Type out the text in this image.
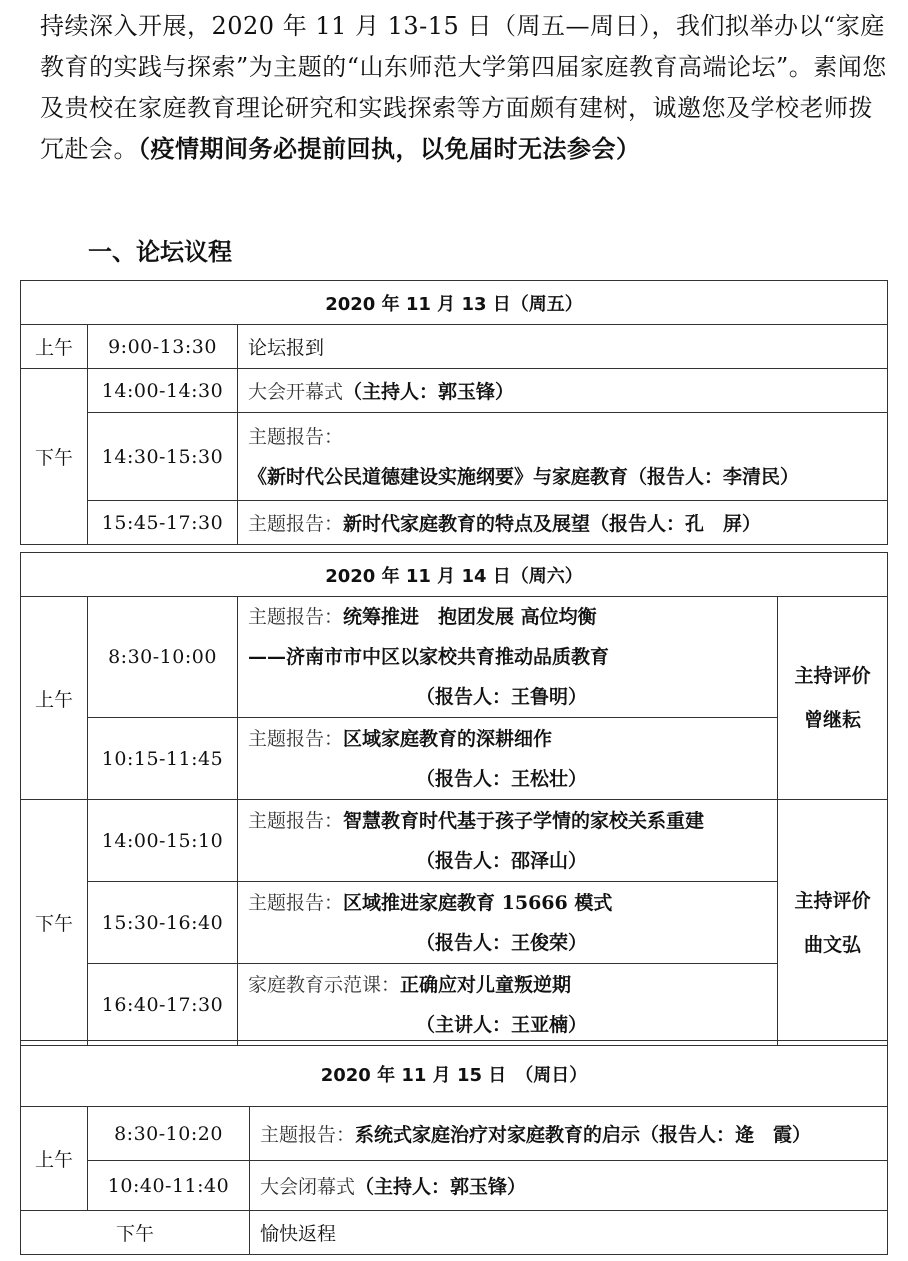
持续深入开展，2020 年 11 月 13-15 日（周五—周日），我们拟举办以“家庭教育的实践与探索”为主题的“山东师范大学第四届家庭教育高端论坛”。素闻您及贵校在家庭教育理论研究和实践探索等方面颇有建树，诚邀您及学校老师拨冗赴会。（疫情期间务必提前回执，以免届时无法参会）
一、论坛议程
2020 年 11 月 13 日（周五）		
上午	9:00-13:30	论坛报到
下午	14:00-14:30	大会开幕式（主持人：郭玉锋）
	14:30-15:30	主题报告：《新时代公民道德建设实施纲要》与家庭教育（报告人：李清民）
	15:45-17:30	主题报告：新时代家庭教育的特点及展望（报告人：孔　屏）
2020 年 11 月 14 日（周六）			
上午	8:30-10:00	主题报告：统筹推进　抱团发展 高位均衡
——济南市市中区以家校共育推动品质教育
（报告人：王鲁明）	主持评价
曾继耘

	10:15-11:45	主题报告：区域家庭教育的深耕细作
（报告人：王松壮）	

下午	14:00-15:10	主题报告：智慧教育时代基于孩子学情的家校关系重建
（报告人：邵泽山）	主持评价
曲文弘

	15:30-16:40	主题报告：区域推进家庭教育 15666 模式
（报告人：王俊荣）	

	16:40-17:30	家庭教育示范课：正确应对儿童叛逆期
（主讲人：王亚楠）	
2020 年 11 月 15 日　（周日）		
上午	8:30-10:20	主题报告：系统式家庭治疗对家庭教育的启示（报告人：逄　霞）
	10:40-11:40	大会闭幕式（主持人：郭玉锋）
下午		愉快返程
